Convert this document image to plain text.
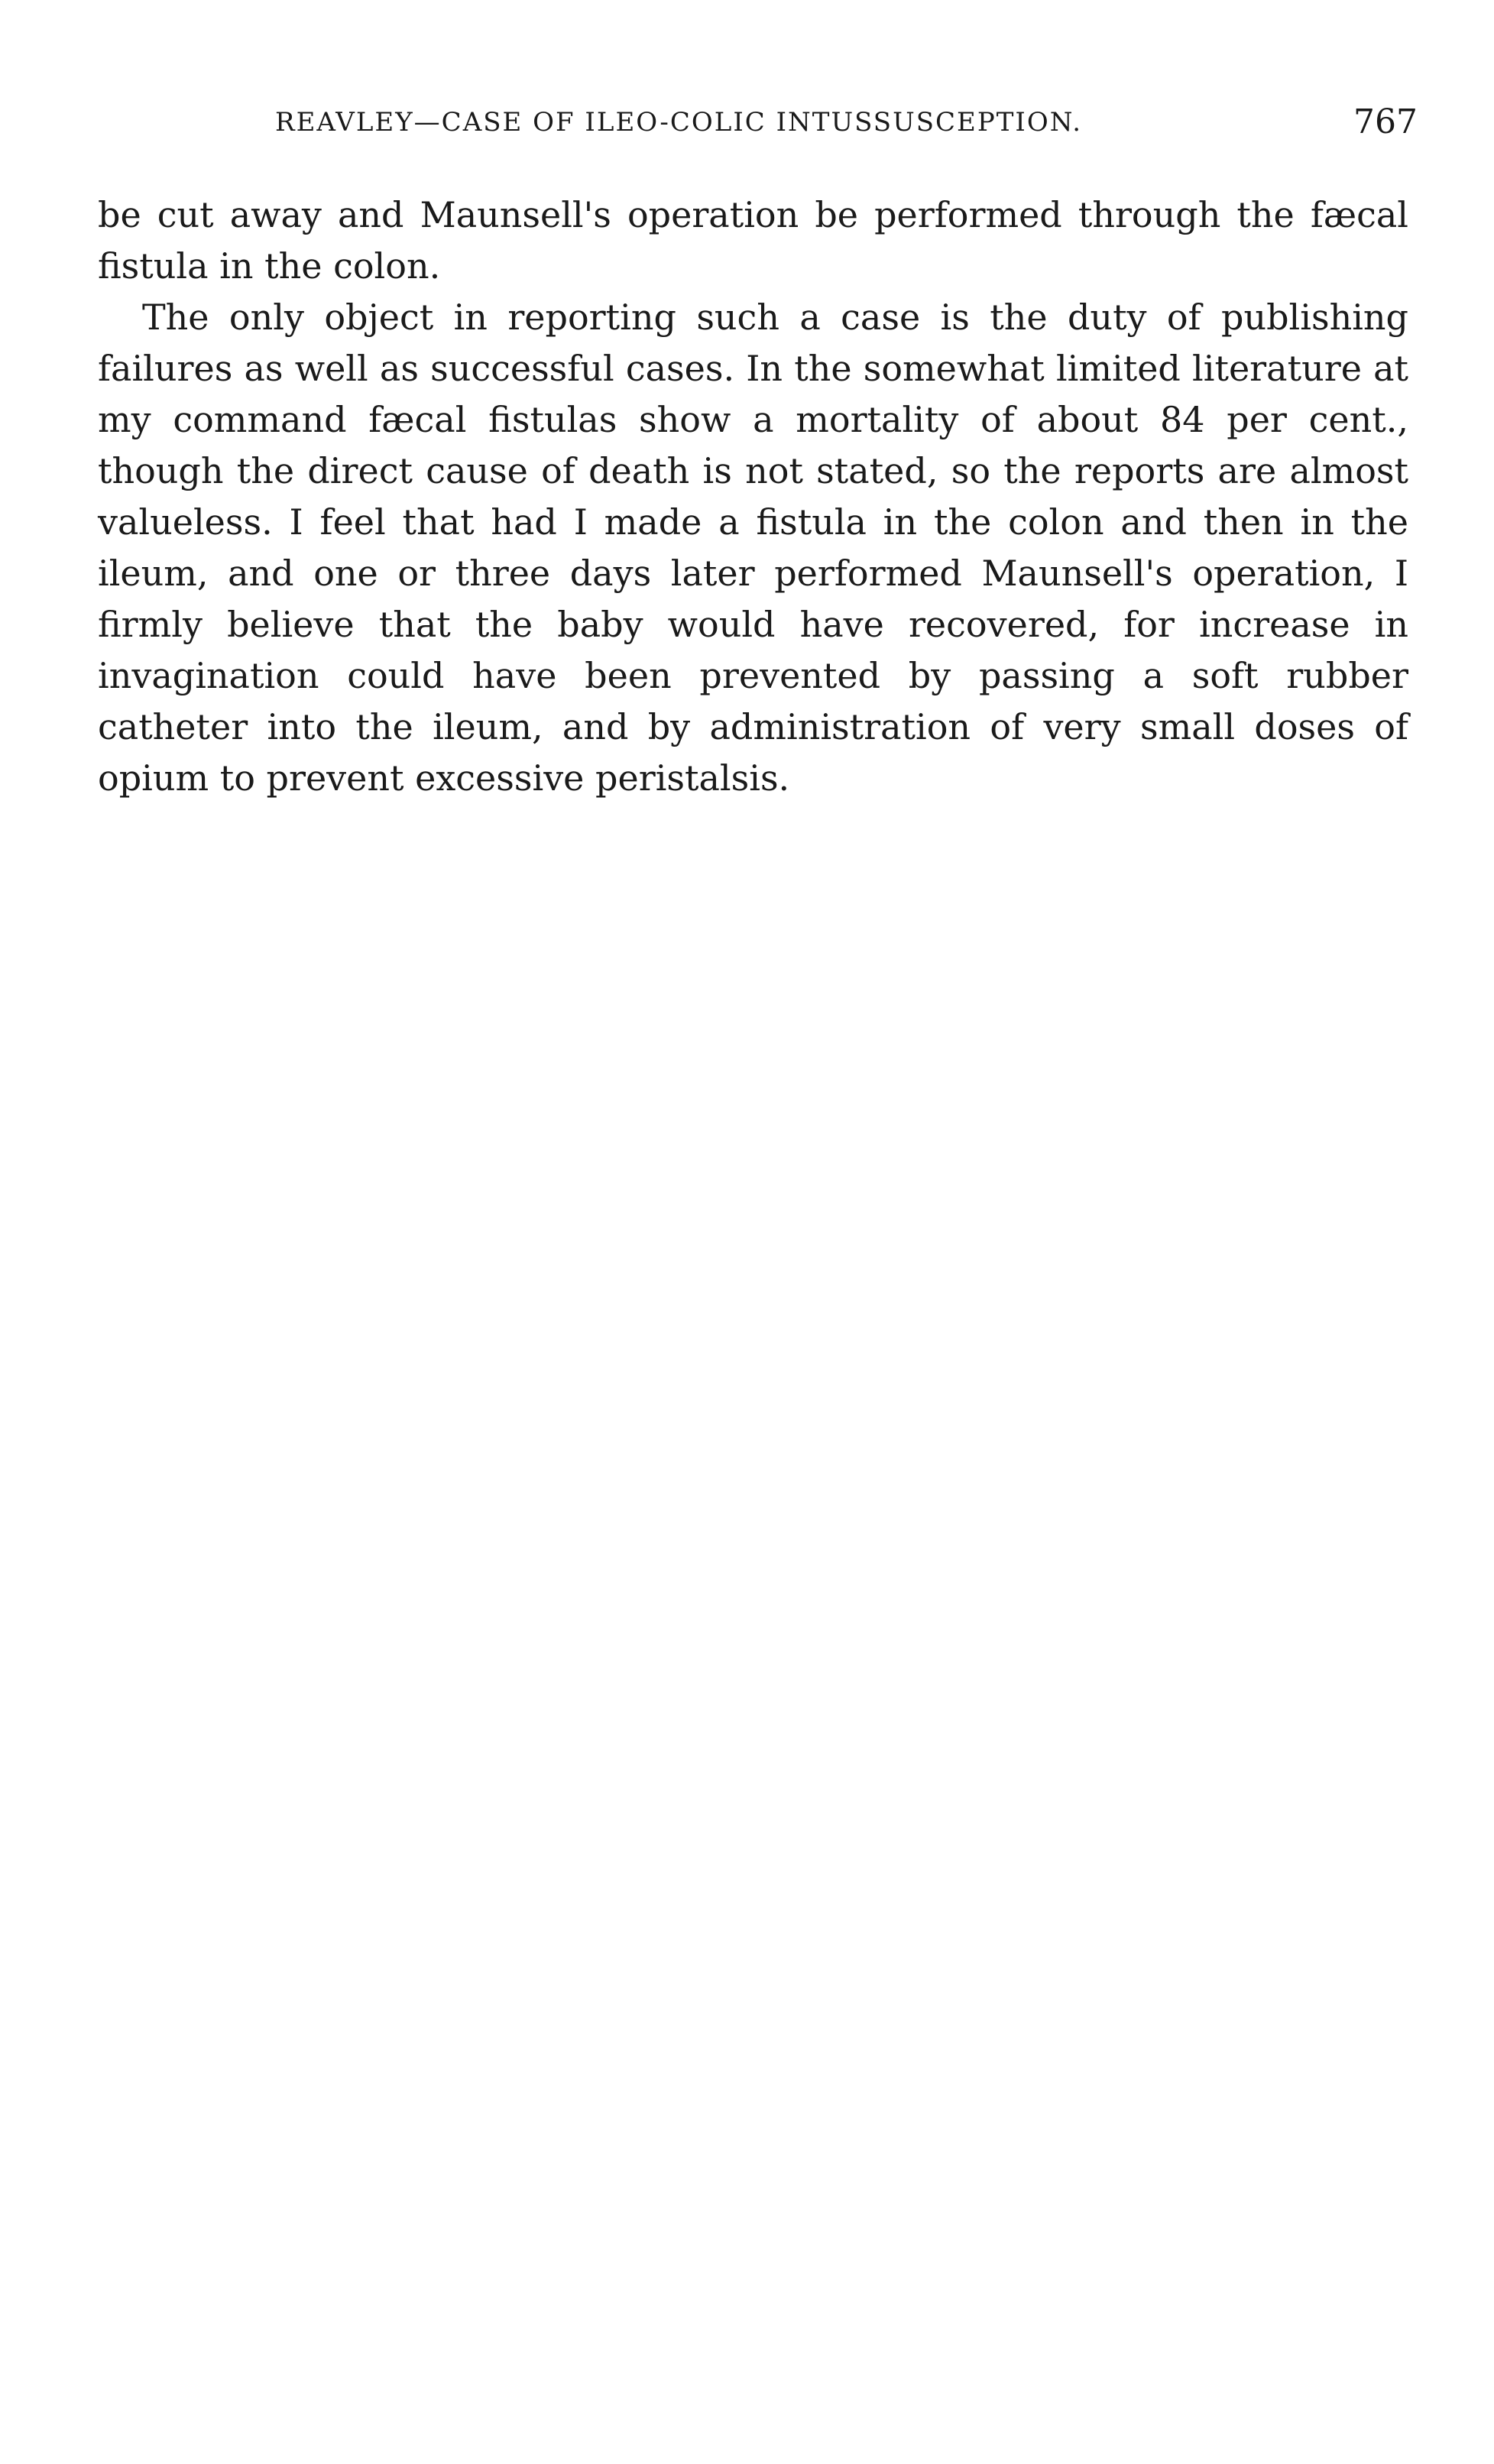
REAVLEY—CASE OF ILEO-COLIC INTUSSUSCEPTION.	767

be cut away and Maunsell's operation be performed through the fæcal fistula in the colon.

The only object in reporting such a case is the duty of publishing failures as well as successful cases. In the somewhat limited literature at my command fæcal fistulas show a mortality of about 84 per cent., though the direct cause of death is not stated, so the reports are almost valueless. I feel that had I made a fistula in the colon and then in the ileum, and one or three days later performed Maunsell's operation, I firmly believe that the baby would have recovered, for increase in invagination could have been prevented by passing a soft rubber catheter into the ileum, and by administration of very small doses of opium to prevent excessive peristalsis.
